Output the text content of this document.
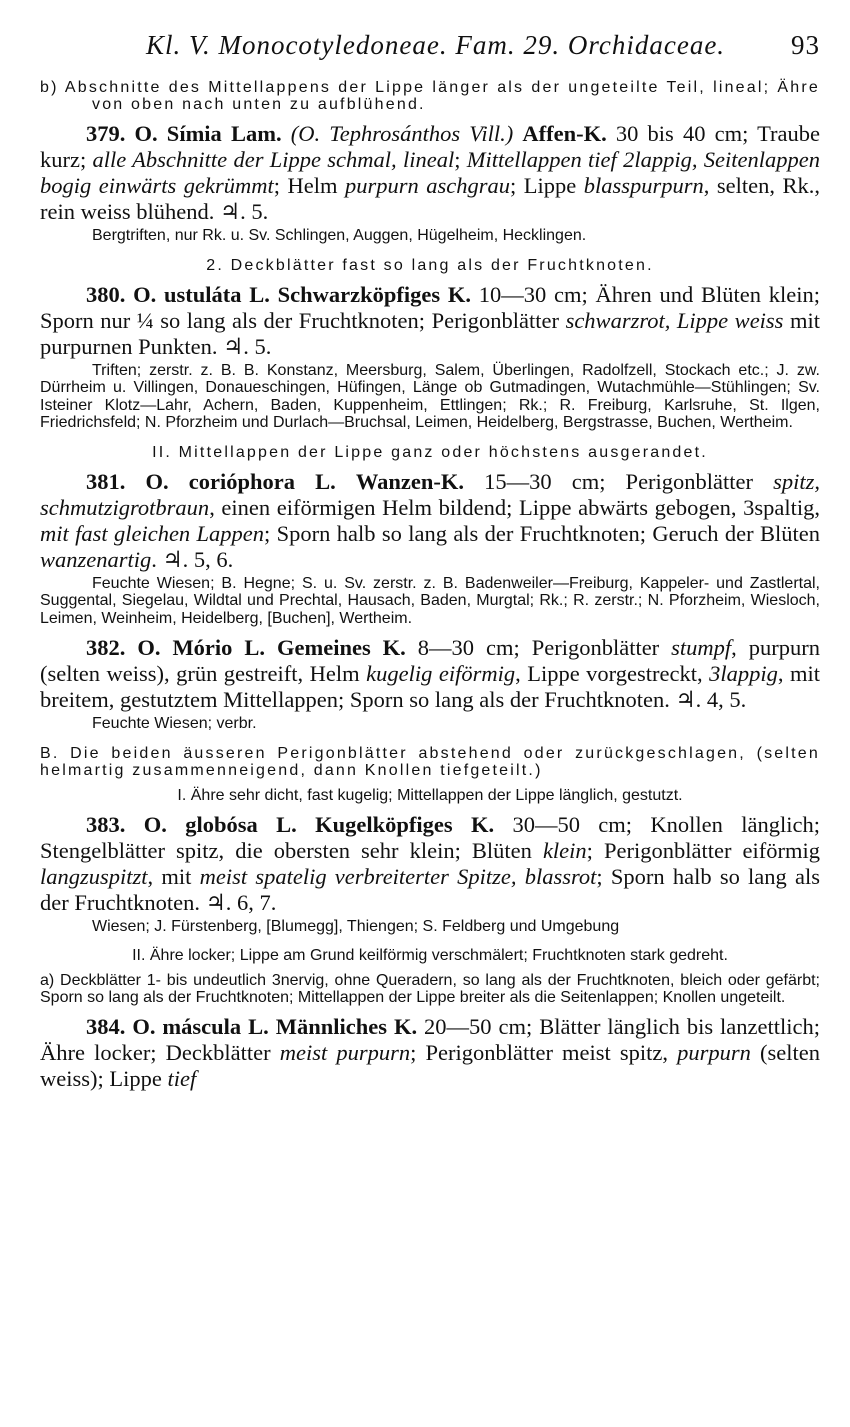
Kl. V. Monocotyledoneae. Fam. 29. Orchidaceae.	93

b) Abschnitte des Mittellappens der Lippe länger als der ungeteilte Teil, lineal; Ähre von oben nach unten zu aufblühend.

379. O. Símia Lam. (O. Tephrosánthos Vill.) Affen-K. 30 bis 40 cm; Traube kurz; alle Abschnitte der Lippe schmal, lineal; Mittellappen tief 2lappig, Seitenlappen bogig einwärts gekrümmt; Helm purpurn aschgrau; Lippe blasspurpurn, selten, Rk., rein weiss blühend. ♃. 5.

Bergtriften, nur Rk. u. Sv. Schlingen, Auggen, Hügelheim, Hecklingen.

2. Deckblätter fast so lang als der Fruchtknoten.

380. O. ustuláta L. Schwarzköpfiges K. 10—30 cm; Ähren und Blüten klein; Sporn nur ¼ so lang als der Fruchtknoten; Perigonblätter schwarzrot, Lippe weiss mit purpurnen Punkten. ♃. 5.

Triften; zerstr. z. B. B. Konstanz, Meersburg, Salem, Überlingen, Radolfzell, Stockach etc.; J. zw. Dürrheim u. Villingen, Donaueschingen, Hüfingen, Länge ob Gutmadingen, Wutachmühle—Stühlingen; Sv. Isteiner Klotz—Lahr, Achern, Baden, Kuppenheim, Ettlingen; Rk.; R. Freiburg, Karlsruhe, St. Ilgen, Friedrichsfeld; N. Pforzheim und Durlach—Bruchsal, Leimen, Heidelberg, Bergstrasse, Buchen, Wertheim.

II. Mittellappen der Lippe ganz oder höchstens ausgerandet.

381. O. corióphora L. Wanzen-K. 15—30 cm; Perigonblätter spitz, schmutzigrotbraun, einen eiförmigen Helm bildend; Lippe abwärts gebogen, 3spaltig, mit fast gleichen Lappen; Sporn halb so lang als der Fruchtknoten; Geruch der Blüten wanzenartig. ♃. 5, 6.

Feuchte Wiesen; B. Hegne; S. u. Sv. zerstr. z. B. Badenweiler—Freiburg, Kappeler- und Zastlertal, Suggental, Siegelau, Wildtal und Prechtal, Hausach, Baden, Murgtal; Rk.; R. zerstr.; N. Pforzheim, Wiesloch, Leimen, Weinheim, Heidelberg, [Buchen], Wertheim.

382. O. Mório L. Gemeines K. 8—30 cm; Perigonblätter stumpf, purpurn (selten weiss), grün gestreift, Helm kugelig eiförmig, Lippe vorgestreckt, 3lappig, mit breitem, gestutztem Mittellappen; Sporn so lang als der Fruchtknoten. ♃. 4, 5.

Feuchte Wiesen; verbr.

B. Die beiden äusseren Perigonblätter abstehend oder zurückgeschlagen, (selten helmartig zusammenneigend, dann Knollen tiefgeteilt.)

I. Ähre sehr dicht, fast kugelig; Mittellappen der Lippe länglich, gestutzt.

383. O. globósa L. Kugelköpfiges K. 30—50 cm; Knollen länglich; Stengelblätter spitz, die obersten sehr klein; Blüten klein; Perigonblätter eiförmig langzuspitzt, mit meist spatelig verbreiterter Spitze, blassrot; Sporn halb so lang als der Fruchtknoten. ♃. 6, 7.

Wiesen; J. Fürstenberg, [Blumegg], Thiengen; S. Feldberg und Umgebung

II. Ähre locker; Lippe am Grund keilförmig verschmälert; Fruchtknoten stark gedreht.

a) Deckblätter 1- bis undeutlich 3nervig, ohne Queradern, so lang als der Fruchtknoten, bleich oder gefärbt; Sporn so lang als der Fruchtknoten; Mittellappen der Lippe breiter als die Seitenlappen; Knollen ungeteilt.

384. O. máscula L. Männliches K. 20—50 cm; Blätter länglich bis lanzettlich; Ähre locker; Deckblätter meist purpurn; Perigonblätter meist spitz, purpurn (selten weiss); Lippe tief
